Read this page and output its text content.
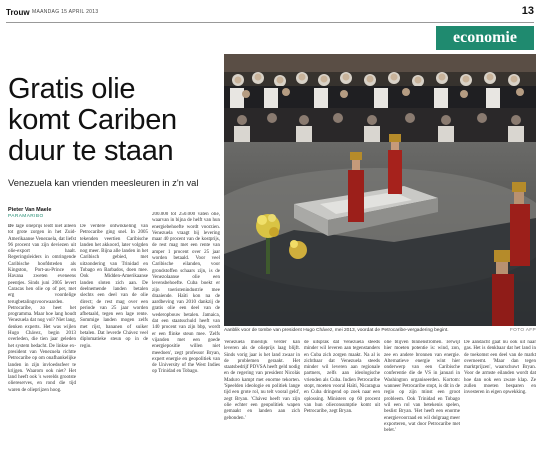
Trouw MAANDAG 15 APRIL 2013	13
economie
Gratis olie
komt Cariben
duur te staan
Venezuela kan vrienden meesleuren in z'n val
Pieter Van Maele
PARAMARIBO

De lage olieprijs leidt niet alleen tot grote zorgen in het Zuid-Amerikaanse Venezuela, dat liefst 96 procent van zijn deviezen uit olie-export haalt. Regeringsleiders in omringende Caribische hoofdsteden als Kingston, Port-au-Prince en Havana zweten eveneens peentjes. Sinds juni 2005 levert Caracas hen olie op of per, met erg voordelige terugbetalingsvoorwaarden. Petrocaribe, zo heet het programma. Maar hoe lang houdt Venezuela dat nog vol? Niet lang, denken experts. Het was wijlen Hugo Chávez, begin 2013 overleden, die tien jaar geleden het system bedacht. De linkse ex-president van Venezuela richtte Petrocaribe op om onafhankelijke landen in zijn invloedssfeer te krijgen. Waarom ook niet? Het land heeft ook 's werelds grootste oliereserves, en rond die tijd waren de olieprijzen hoog.

De verdere ontwikkeling van Petrocaribe ging snel. In 2005 tekenden veertien Caribische landen het akkoord, later volgden nog meer. Bijna alle landen in het Caribisch gebied, met uitzondering van Trinidad en Tobago en Barbados, doen mee. Ook Midden-Amerikaanse landen sloten zich aan. De deelnemende landen betalen slechts een deel van de olie direct; de rest mag over een periode van 25 jaar worden afbetaald, tegen een lage rente. Sommige landen mogen zelfs met rijst, bananen of suiker betalen. Dat leverde Chávez veel diplomatieke steun op in de regio.

200.000 tot 250.000 vaten olie, waarvan in bijna de helft van hun energiebehoefte wordt voorzien. Venezuela vraagt bij levering maar 40 procent van de kostprijs, de rest mag met een rente van amper 1 procent over 25 jaar worden betaald. Voor veel Caribische eilanden, voor grondstoffen schaars zijn, is de Venezolaanse olie een levensbehoefte. Cuba boekt er zijn toeristenindustrie mee draaiende. Haïti kon na de aardbeving van 2010 dankzij de gratis olie een deel van de wederopbouw betalen. Jamaica, dat een staatsschuld heeft van 140 procent van zijn bbp, wordt er een flinke steun mee. 'Zelfs vijanden met een goede energiepositie willen niet meedoen', zegt professor Bryan, expert energie en geopolitiek van de University of the West Indies op Trinidad en Tobago.

Venezuela moeilijk verder kan leveren als de olieprijs laag blijft. Sinds vorig jaar is het land zwaar in de problemen geraakt. Het staatsbedrijf PDVSA heeft geld nodig en de regering van president Nicolás Maduro kampt met enorme tekorten. 'Speelden ideologie en politiek lange tijd een grote rol, nu telt vooral geld', zegt Bryan. 'Chávez heeft van zijn olie echter een geopolitiek wapen gemaakt en landen aan zich gebonden.'

de uitsprak dat Venezuela steeds minder wil leveren aan tegenstanders en Cuba zich zorgen maakt. Na al is zichtbaar dat Venezuela steeds minder wil leveren aan regionale partners, zelfs aan ideologische vrienden als Cuba. Indien Petrocaribe stopt, moeten vooral Haïti, Nicaragua en Cuba dringend op zoek naar een oplossing. Ministers op 60 procent van hun olieconsumptie komt uit Petrocaribe, zegt Bryan.

olie blijven binnenstromen. Terwijl hier moeten potentie is: wind, zon, zee en andere bronnen van energie. Alternatieve energie wint hier onderwerp van een Caribische conferentie die de VS in januari in Washington organiseerden. Kortom: wanneer Petrocaribe stopt, is dit in de regio op zijn minst een groot probleem. Ook Trinidad en Tobago wil een rol van betekenis spelen, beslist Bryan. 'Het heeft een enorme energievoorraad en wil dolgraag meer exporteren, wat door Petrocaribe met belet.'

De aandacht gaat nu ook uit naar gas. Het is denkbaar dat het land in de toekomst een deel van de markt overneemt. 'Maar dan tegen marktprijzen', waarschuwt Bryan. Voor de armste eilanden wordt dat hoe dan ook een zware klap. Ze zullen moeten besparen en investeren in eigen opwekking.

Aanblik voor de tombe van president Hugo Chávez, mei 2013, voordat de Petrocaribe-vergadering begint.	FOTO AFP
